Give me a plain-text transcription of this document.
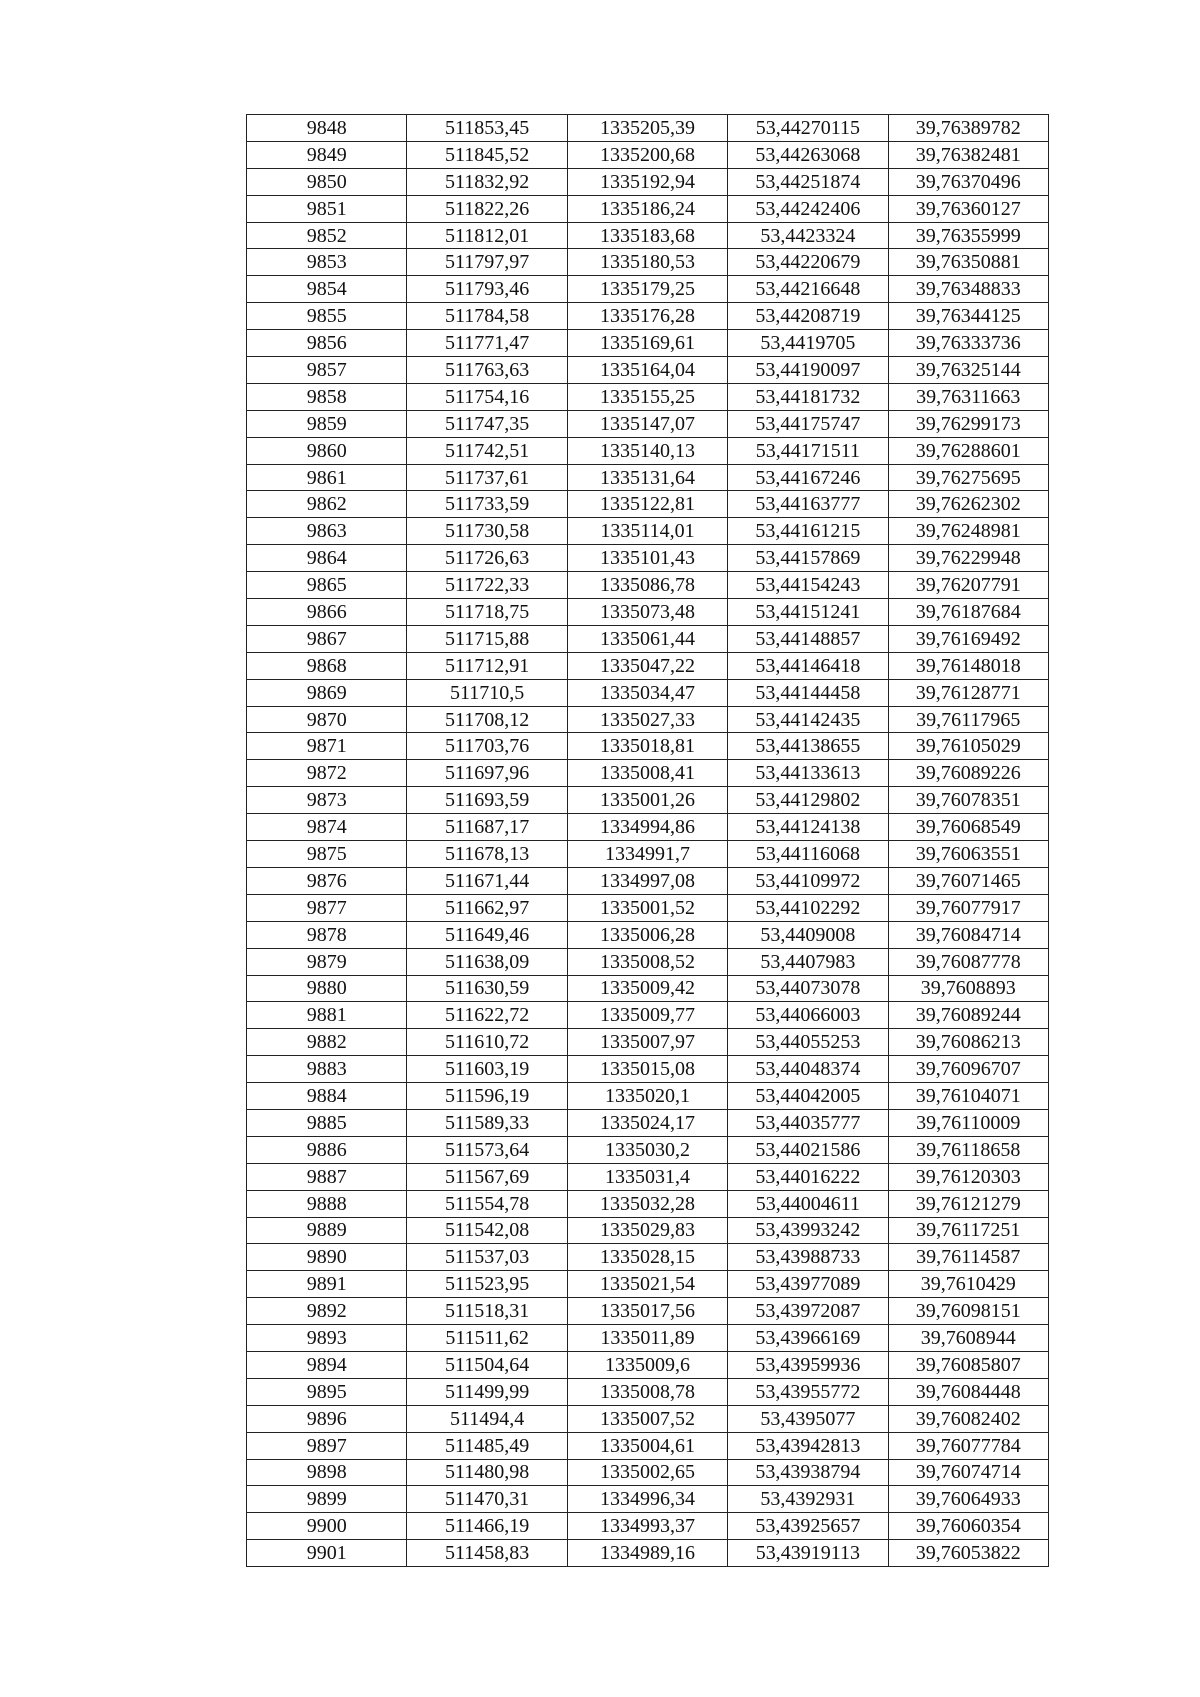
9848	511853,45	1335205,39	53,44270115	39,76389782
9849	511845,52	1335200,68	53,44263068	39,76382481
9850	511832,92	1335192,94	53,44251874	39,76370496
9851	511822,26	1335186,24	53,44242406	39,76360127
9852	511812,01	1335183,68	53,4423324	39,76355999
9853	511797,97	1335180,53	53,44220679	39,76350881
9854	511793,46	1335179,25	53,44216648	39,76348833
9855	511784,58	1335176,28	53,44208719	39,76344125
9856	511771,47	1335169,61	53,4419705	39,76333736
9857	511763,63	1335164,04	53,44190097	39,76325144
9858	511754,16	1335155,25	53,44181732	39,76311663
9859	511747,35	1335147,07	53,44175747	39,76299173
9860	511742,51	1335140,13	53,44171511	39,76288601
9861	511737,61	1335131,64	53,44167246	39,76275695
9862	511733,59	1335122,81	53,44163777	39,76262302
9863	511730,58	1335114,01	53,44161215	39,76248981
9864	511726,63	1335101,43	53,44157869	39,76229948
9865	511722,33	1335086,78	53,44154243	39,76207791
9866	511718,75	1335073,48	53,44151241	39,76187684
9867	511715,88	1335061,44	53,44148857	39,76169492
9868	511712,91	1335047,22	53,44146418	39,76148018
9869	511710,5	1335034,47	53,44144458	39,76128771
9870	511708,12	1335027,33	53,44142435	39,76117965
9871	511703,76	1335018,81	53,44138655	39,76105029
9872	511697,96	1335008,41	53,44133613	39,76089226
9873	511693,59	1335001,26	53,44129802	39,76078351
9874	511687,17	1334994,86	53,44124138	39,76068549
9875	511678,13	1334991,7	53,44116068	39,76063551
9876	511671,44	1334997,08	53,44109972	39,76071465
9877	511662,97	1335001,52	53,44102292	39,76077917
9878	511649,46	1335006,28	53,4409008	39,76084714
9879	511638,09	1335008,52	53,4407983	39,76087778
9880	511630,59	1335009,42	53,44073078	39,7608893
9881	511622,72	1335009,77	53,44066003	39,76089244
9882	511610,72	1335007,97	53,44055253	39,76086213
9883	511603,19	1335015,08	53,44048374	39,76096707
9884	511596,19	1335020,1	53,44042005	39,76104071
9885	511589,33	1335024,17	53,44035777	39,76110009
9886	511573,64	1335030,2	53,44021586	39,76118658
9887	511567,69	1335031,4	53,44016222	39,76120303
9888	511554,78	1335032,28	53,44004611	39,76121279
9889	511542,08	1335029,83	53,43993242	39,76117251
9890	511537,03	1335028,15	53,43988733	39,76114587
9891	511523,95	1335021,54	53,43977089	39,7610429
9892	511518,31	1335017,56	53,43972087	39,76098151
9893	511511,62	1335011,89	53,43966169	39,7608944
9894	511504,64	1335009,6	53,43959936	39,76085807
9895	511499,99	1335008,78	53,43955772	39,76084448
9896	511494,4	1335007,52	53,4395077	39,76082402
9897	511485,49	1335004,61	53,43942813	39,76077784
9898	511480,98	1335002,65	53,43938794	39,76074714
9899	511470,31	1334996,34	53,4392931	39,76064933
9900	511466,19	1334993,37	53,43925657	39,76060354
9901	511458,83	1334989,16	53,43919113	39,76053822
